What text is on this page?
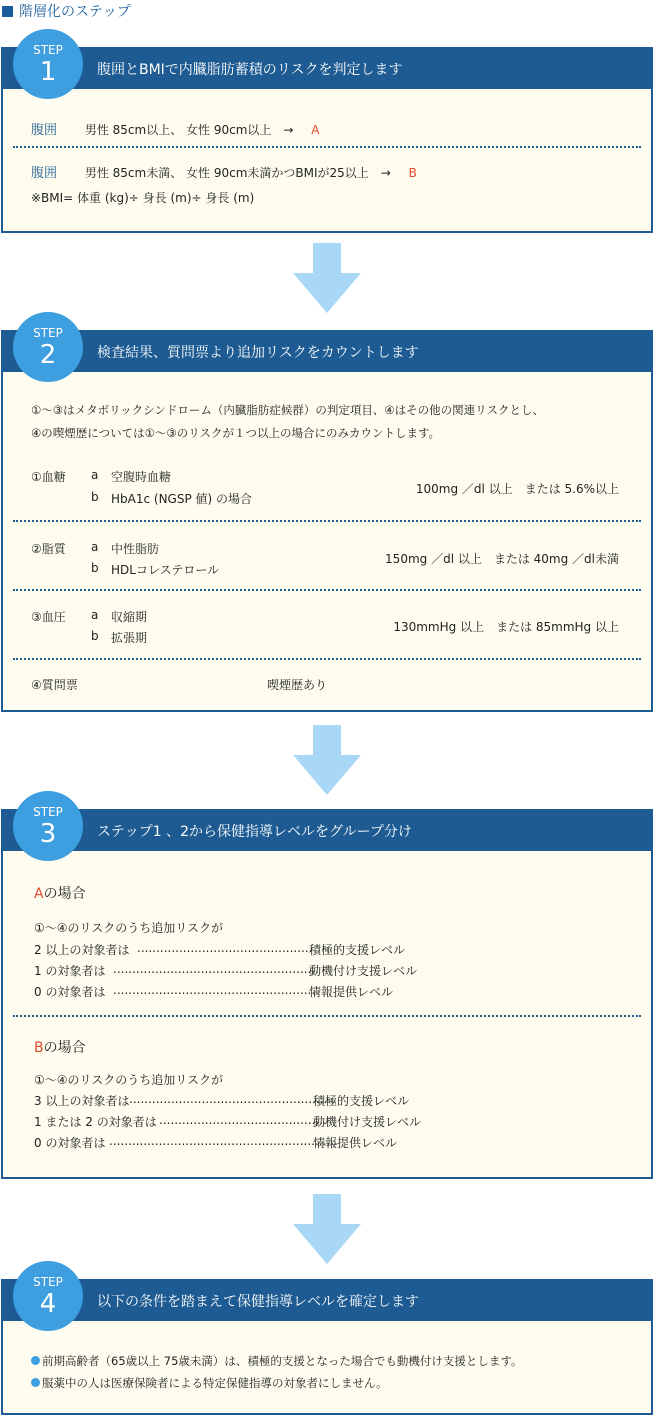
階層化のステップ
腹囲とBMIで内臓脂肪蓄積のリスクを判定します
STEP
1
腹囲 男性 85cm以上、 女性 90cm以上　→ A
腹囲 男性 85cm未満、 女性 90cm未満かつBMIが25以上　→ B
※BMI= 体重 (kg)÷ 身長 (m)÷ 身長 (m)
検査結果、質問票より追加リスクをカウントします
STEP
2
①～③はメタボリックシンドローム（内臓脂肪症候群）の判定項目、④はその他の関連リスクとし、
④の喫煙歴については①～③のリスクが１つ以上の場合にのみカウントします。
①血糖 a 空腹時血糖
b HbA1c (NGSP 値) の場合
100mg ／dl 以上　または 5.6%以上
②脂質 a 中性脂肪
b HDLコレステロール
150mg ／dl 以上　または 40mg ／dl未満
③血圧 a 収縮期
b 拡張期
130mmHg 以上　または 85mmHg 以上
④質問票	喫煙歴あり
ステップ1 、2から保健指導レベルをグループ分け
STEP
3
Aの場合
①～④のリスクのうち追加リスクが
2 以上の対象者は ..............................................
積極的支援レベル
1 の対象者は ......................................................
動機付け支援レベル
0 の対象者は ......................................................
情報提供レベル
Bの場合
①～④のリスクのうち追加リスクが
3 以上の対象者は ......................................................
積極的支援レベル
1 または 2 の対象者は ............................................
動機付け支援レベル
0 の対象者は ............................................................
情報提供レベル
以下の条件を踏まえて保健指導レベルを確定します
STEP
4
前期高齢者（65歳以上 75歳未満）は、積極的支援となった場合でも動機付け支援とします。
服薬中の人は医療保険者による特定保健指導の対象者にしません。
